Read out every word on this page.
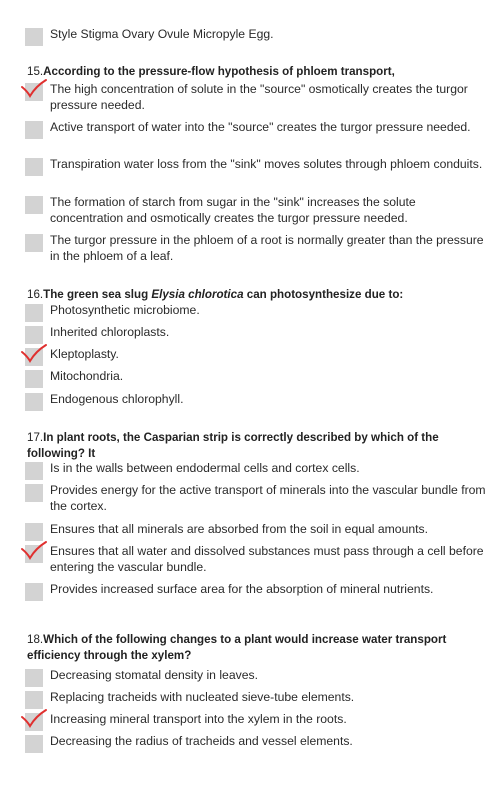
Style Stigma Ovary Ovule Micropyle Egg.
15.According to the pressure-flow hypothesis of phloem transport,
The high concentration of solute in the "source" osmotically creates the turgor pressure needed.
Active transport of water into the "source" creates the turgor pressure needed.
Transpiration water loss from the "sink" moves solutes through phloem conduits.
The formation of starch from sugar in the "sink" increases the solute concentration and osmotically creates the turgor pressure needed.
The turgor pressure in the phloem of a root is normally greater than the pressure in the phloem of a leaf.
16.The green sea slug Elysia chlorotica can photosynthesize due to:
Photosynthetic microbiome.
Inherited chloroplasts.
Kleptoplasty.
Mitochondria.
Endogenous chlorophyll.
17.In plant roots, the Casparian strip is correctly described by which of the following? It
Is in the walls between endodermal cells and cortex cells.
Provides energy for the active transport of minerals into the vascular bundle from the cortex.
Ensures that all minerals are absorbed from the soil in equal amounts.
Ensures that all water and dissolved substances must pass through a cell before entering the vascular bundle.
Provides increased surface area for the absorption of mineral nutrients.
18.Which of the following changes to a plant would increase water transport efficiency through the xylem?
Decreasing stomatal density in leaves.
Replacing tracheids with nucleated sieve-tube elements.
Increasing mineral transport into the xylem in the roots.
Decreasing the radius of tracheids and vessel elements.
